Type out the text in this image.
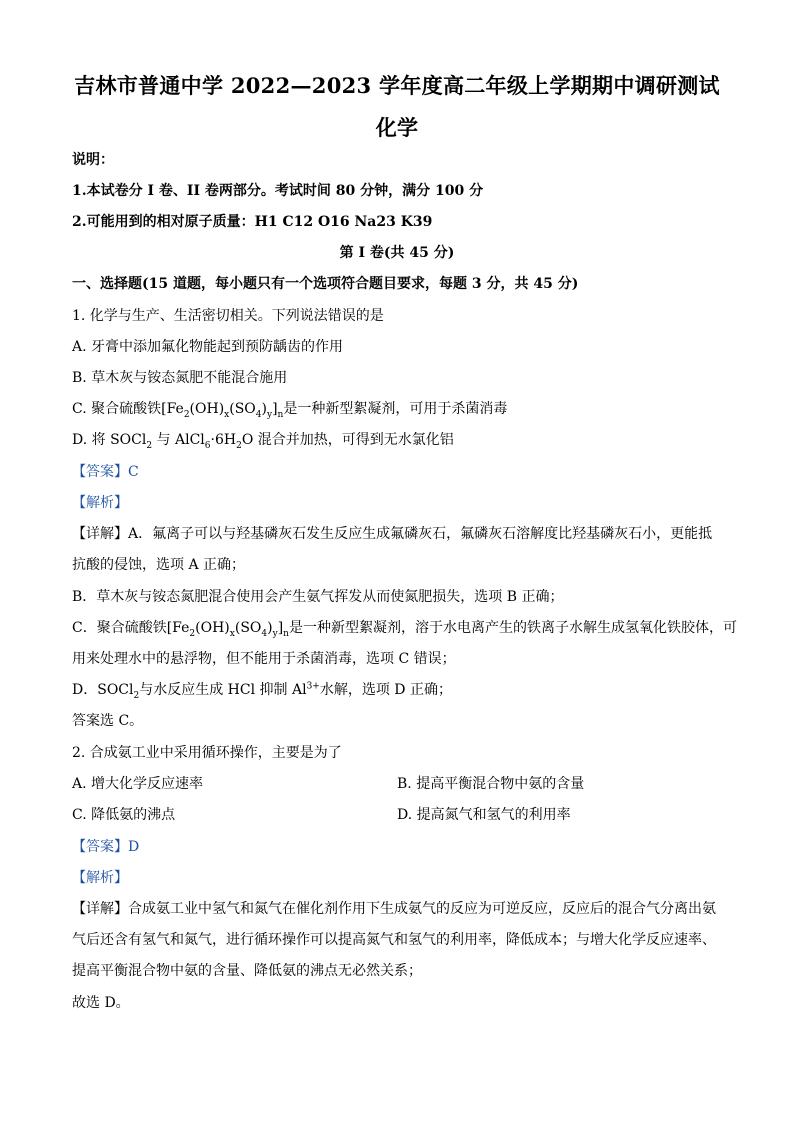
吉林市普通中学 2022—2023 学年度高二年级上学期期中调研测试
化学
说明：
1.本试卷分 I 卷、II 卷两部分。考试时间 80 分钟，满分 100 分
2.可能用到的相对原子质量：H1 C12 O16 Na23 K39
第 I 卷(共 45 分)
一、选择题(15 道题，每小题只有一个选项符合题目要求，每题 3 分，共 45 分)
1. 化学与生产、生活密切相关。下列说法错误的是
A. 牙膏中添加氟化物能起到预防龋齿的作用
B. 草木灰与铵态氮肥不能混合施用
C. 聚合硫酸铁$[Fe_2(OH)_x(SO_4)_y]_n$是一种新型絮凝剂，可用于杀菌消毒
D. 将 SOCl$_2$ 与 $AlCl_6\cdot 6H_2O$ 混合并加热，可得到无水氯化铝
【答案】C
【解析】
【详解】A．氟离子可以与羟基磷灰石发生反应生成氟磷灰石，氟磷灰石溶解度比羟基磷灰石小，更能抵
抗酸的侵蚀，选项 A 正确；
B．草木灰与铵态氮肥混合使用会产生氨气挥发从而使氮肥损失，选项 B 正确；
C．聚合硫酸铁$[Fe_2(OH)_x(SO_4)_y]_n$是一种新型絮凝剂，溶于水电离产生的铁离子水解生成氢氧化铁胶体，可
用来处理水中的悬浮物，但不能用于杀菌消毒，选项 C 错误；
D．SOCl$_2$与水反应生成 HCl 抑制 $Al^{3+}$水解，选项 D 正确；
答案选 C。
2. 合成氨工业中采用循环操作，主要是为了
A. 增大化学反应速率	B. 提高平衡混合物中氨的含量
C. 降低氨的沸点	D. 提高氮气和氢气的利用率
【答案】D
【解析】
【详解】合成氨工业中氢气和氮气在催化剂作用下生成氨气的反应为可逆反应，反应后的混合气分离出氨
气后还含有氢气和氮气，进行循环操作可以提高氮气和氢气的利用率，降低成本；与增大化学反应速率、
提高平衡混合物中氨的含量、降低氨的沸点无必然关系；
故选 D。
